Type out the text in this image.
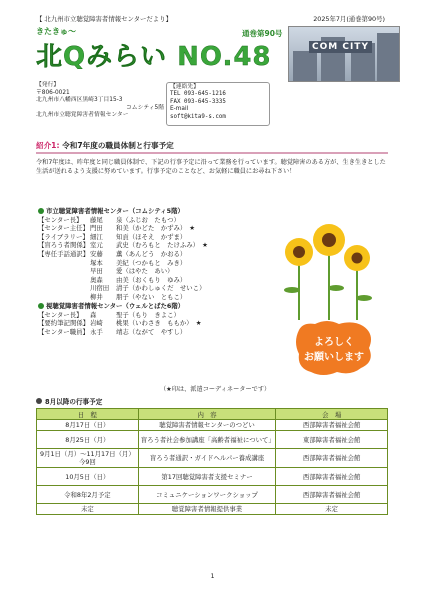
【 北九州市立聴覚障害者情報センターだより】	2025年7月(通巻第90号)
きたきゅ〜
北Qみらい NO.48
通巻第90号
COM CITY
【発行】
〒806-0021
北九州市八幡西区黒崎3丁目15-3
コムシティ5階
北九州市立聴覚障害者情報センター
【連絡先】
TEL 093-645-1216
FAX 093-645-3335
E-mail
soft@kita9-s.com
紹介1: 令和7年度の職員体制と行事予定
令和7年度は、昨年度と同じ職員体制で、下記の行事予定に沿って業務を行っています。聴覚障害のある方が、生き生きとした生活が送れるよう支援に努めています。行事予定のことなど、お気軽に職員にお尋ね下さい！
市立聴覚障害者情報センター（コムシティ5階）
【センター長】	藤尾	泉（ふじお　たもつ）
【センター主任】 門田	和美（かどた　かずみ） ★
【ライブラリー】 細江	知貢（ほそえ　かずま）
【盲ろう者関係】 室元	武史（むろもと　たけふみ） ★
【専任手話通訳】 安藤	薫（あんどう　かおる）
塚本	美紀（つかもと　みき）
早田	愛（はやた　あい）
奥森	由美（おくもり　ゆみ）
川宿田	清子（かわしゅくだ　せいこ）
柳井	朋子（やない　ともこ）
視聴覚障害者情報センター（ウェルとばた6階）
【センター長】	森	聖子（もり　きよこ）
【要約筆記関係】 岩崎	桃果（いわさき　ももか） ★
【センター職員】 永手	靖志（ながて　やすし）
よろしく
お願いします
（★印は、派遣コーディネーターです）
8月以降の行事予定
日　程	内　容	会　場
8月17日（日）	聴覚障害者情報センターのつどい	西部障害者福祉会館
8月25日（月）	盲ろう者社会参加講座「高齢者福祉について」	東部障害者福祉会館
9月1日（月）～11月17日（月）今9回	盲ろう者通訳・ガイドヘルパー養成講座	西部障害者福祉会館
10月5日（日）	第17回聴覚障害者支援セミナー	西部障害者福祉会館
令和8年2月予定	コミュニケーションワークショップ	西部障害者福祉会館
未定	聴覚障害者情報提供事業	未定
1
